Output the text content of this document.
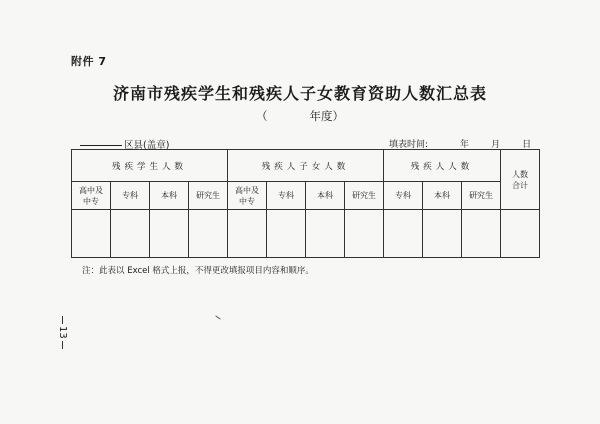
附件 7
济南市残疾学生和残疾人子女教育资助人数汇总表
（	年度）
区县(盖章)	填表时间:	年 月 日
残疾学生人数				残疾人子女人数				残疾人人数			人数合计
高中及中专	专科	本科	研究生	高中及中专	专科	本科	研究生	专科	本科	研究生	

注：此表以 Excel 格式上报，不得更改填报项目内容和顺序。
13
